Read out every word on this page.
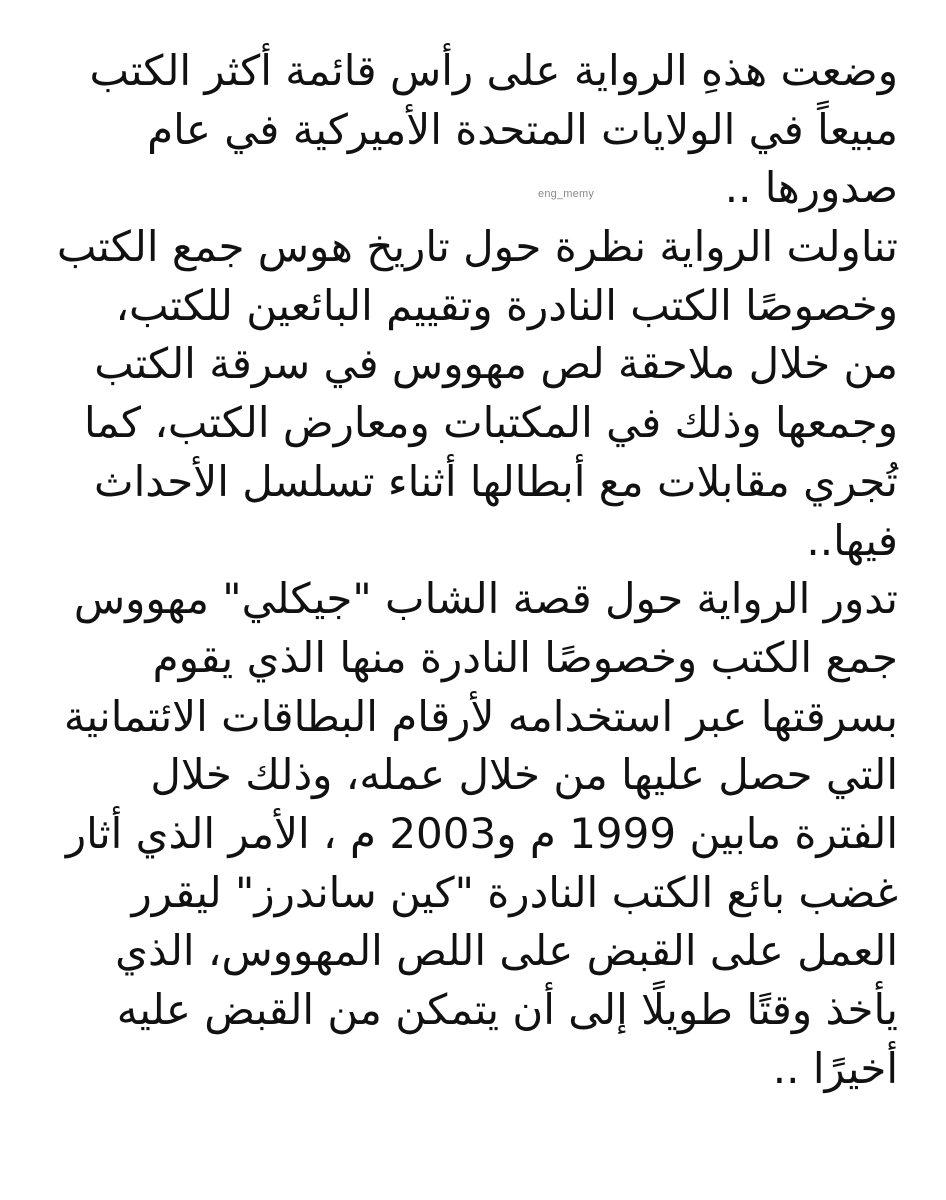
وضعت هذهِ الرواية على رأس قائمة أكثر الكتب
مبيعاً في الولايات المتحدة الأميركية في عام
صدورها ..
تناولت الرواية نظرة حول تاريخ هوس جمع الكتب
وخصوصًا الكتب النادرة وتقييم البائعين للكتب،
من خلال ملاحقة لص مهووس في سرقة الكتب
وجمعها وذلك في المكتبات ومعارض الكتب، كما
تُجري مقابلات مع أبطالها أثناء تسلسل الأحداث
فيها..
تدور الرواية حول قصة الشاب "جيكلي" مهووس
جمع الكتب وخصوصًا النادرة منها الذي يقوم
بسرقتها عبر استخدامه لأرقام البطاقات الائتمانية
التي حصل عليها من خلال عمله، وذلك خلال
الفترة مابين 1999 م و2003 م ، الأمر الذي أثار
غضب بائع الكتب النادرة "كين ساندرز" ليقرر
العمل على القبض على اللص المهووس، الذي
يأخذ وقتًا طويلًا إلى أن يتمكن من القبض عليه
أخيرًا ..
eng_memy
